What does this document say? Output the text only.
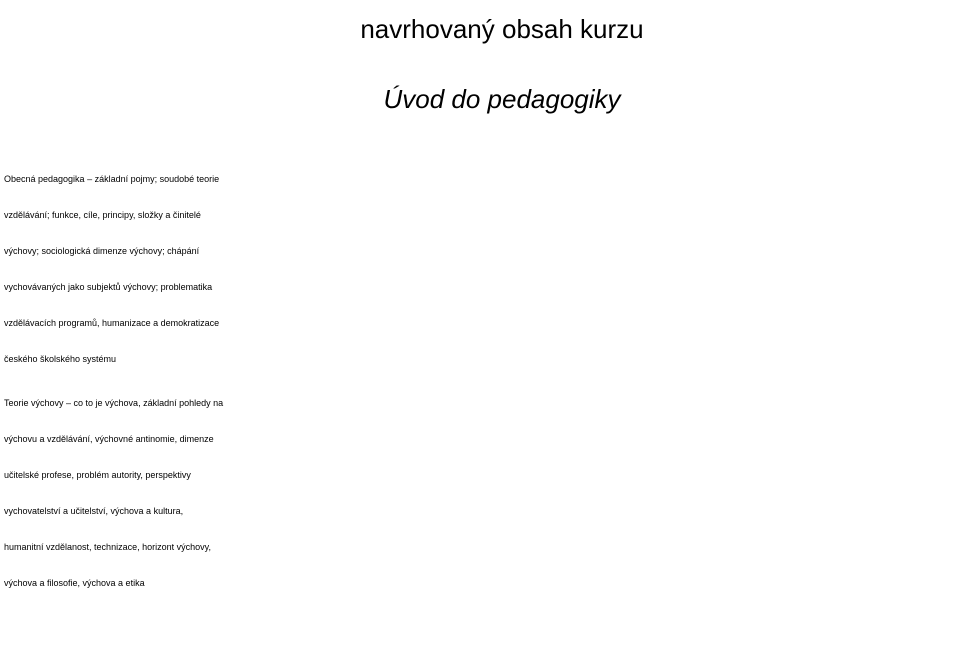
navrhovaný obsah kurzu
Úvod do pedagogiky

Obecná pedagogika – základní pojmy; soudobé teorie
vzdělávání; funkce, cíle, principy, složky a činitelé
výchovy; sociologická dimenze výchovy; chápání
vychovávaných jako subjektů výchovy; problematika
vzdělávacích programů, humanizace a demokratizace
českého školského systému

Teorie výchovy – co to je výchova, základní pohledy na
výchovu a vzdělávání, výchovné antinomie, dimenze
učitelské profese, problém autority, perspektivy
vychovatelství a učitelství, výchova a kultura,
humanitní vzdělanost, technizace, horizont výchovy,
výchova a filosofie, výchova a etika
